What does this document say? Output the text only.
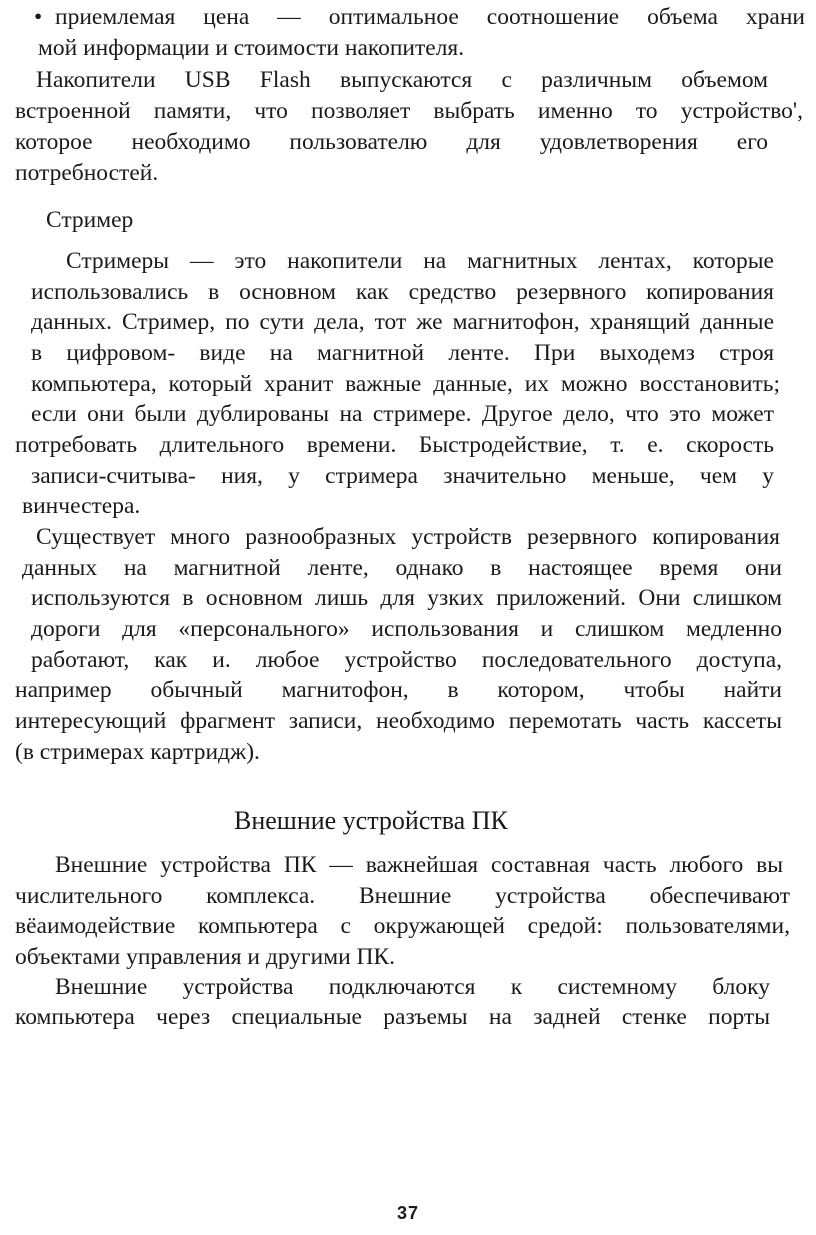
• приемлемая цена — оптимальное соотношение объема храни

мой информации и стоимости накопителя.

Накопители USB Flash выпускаются с различным объемом

встроенной памяти, что позволяет выбрать именно то устройство',

которое необходимо пользователю для удовлетворения его

потребностей.

Стример

Стримеры — это накопители на магнитных лентах, которые

использовались в основном как средство резервного копирования

данных. Стример, по сути дела, тот же магнитофон, хранящий данные

в цифровом- виде на магнитной ленте. При выходемз строя

компьютера, который хранит важные данные, их можно восстановить;

если они были дублированы на стримере. Другое дело, что это может

потребовать длительного времени. Быстродействие, т. е. скорость

записи-считыва- ния, у стримера значительно меньше, чем у

винчестера.

Существует много разнообразных устройств резервного копирования

данных на магнитной ленте, однако в настоящее время они

используются в основном лишь для узких приложений. Они слишком

дороги для «персонального» использования и слишком медленно

работают, как и. любое устройство последовательного доступа,

например обычный магнитофон, в котором, чтобы найти

интересующий фрагмент записи, необходимо перемотать часть кассеты

(в стримерах картридж).

Внешние устройства ПК

Внешние устройства ПК — важнейшая составная часть любого вы

числительного комплекса. Внешние устройства обеспечивают

вёаимодействие компьютера с окружающей средой: пользователями,

объектами управления и другими ПК.

Внешние устройства подключаются к системному блоку

компьютера через специальные разъемы на задней стенке порты

37
